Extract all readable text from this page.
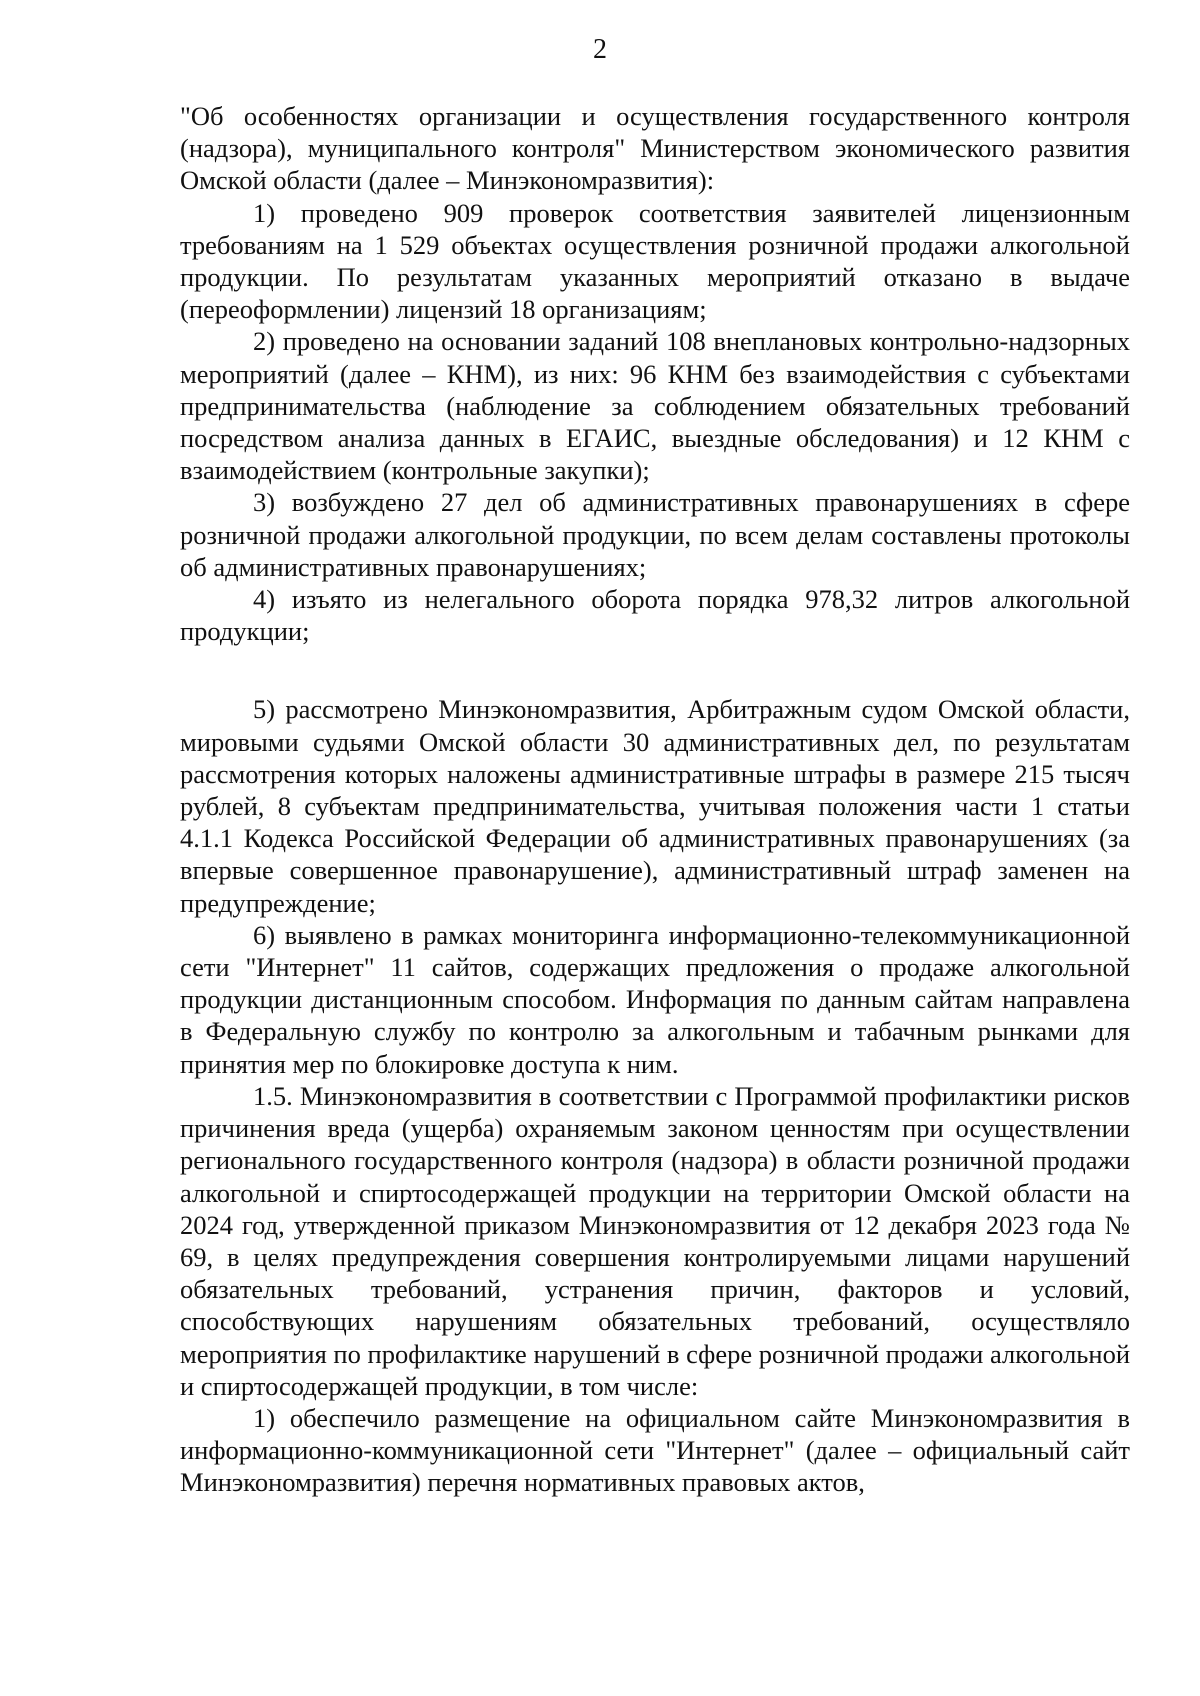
2

"Об особенностях организации и осуществления государственного контроля (надзора), муниципального контроля" Министерством экономического развития Омской области (далее – Минэкономразвития):

1) проведено 909 проверок соответствия заявителей лицензионным требованиям на 1 529 объектах осуществления розничной продажи алкогольной продукции. По результатам указанных мероприятий отказано в выдаче (переоформлении) лицензий 18 организациям;

2) проведено на основании заданий 108 внеплановых контрольно-надзорных мероприятий (далее – КНМ), из них: 96 КНМ без взаимодействия с субъектами предпринимательства (наблюдение за соблюдением обязательных требований посредством анализа данных в ЕГАИС, выездные обследования) и 12 КНМ с взаимодействием (контрольные закупки);

3) возбуждено 27 дел об административных правонарушениях в сфере розничной продажи алкогольной продукции, по всем делам составлены протоколы об административных правонарушениях;

4) изъято из нелегального оборота порядка 978,32 литров алкогольной продукции;

5) рассмотрено Минэкономразвития, Арбитражным судом Омской области, мировыми судьями Омской области 30 административных дел, по результатам рассмотрения которых наложены административные штрафы в размере 215 тысяч рублей, 8 субъектам предпринимательства, учитывая положения части 1 статьи 4.1.1 Кодекса Российской Федерации об административных правонарушениях (за впервые совершенное правонарушение), административный штраф заменен на предупреждение;

6) выявлено в рамках мониторинга информационно-телекоммуникационной сети "Интернет" 11 сайтов, содержащих предложения о продаже алкогольной продукции дистанционным способом. Информация по данным сайтам направлена в Федеральную службу по контролю за алкогольным и табачным рынками для принятия мер по блокировке доступа к ним.

1.5. Минэкономразвития в соответствии с Программой профилактики рисков причинения вреда (ущерба) охраняемым законом ценностям при осуществлении регионального государственного контроля (надзора) в области розничной продажи алкогольной и спиртосодержащей продукции на территории Омской области на 2024 год, утвержденной приказом Минэкономразвития от 12 декабря 2023 года № 69, в целях предупреждения совершения контролируемыми лицами нарушений обязательных требований, устранения причин, факторов и условий, способствующих нарушениям обязательных требований, осуществляло мероприятия по профилактике нарушений в сфере розничной продажи алкогольной и спиртосодержащей продукции, в том числе:

1) обеспечило размещение на официальном сайте Минэкономразвития в информационно-коммуникационной сети "Интернет" (далее – официальный сайт Минэкономразвития) перечня нормативных правовых актов,
